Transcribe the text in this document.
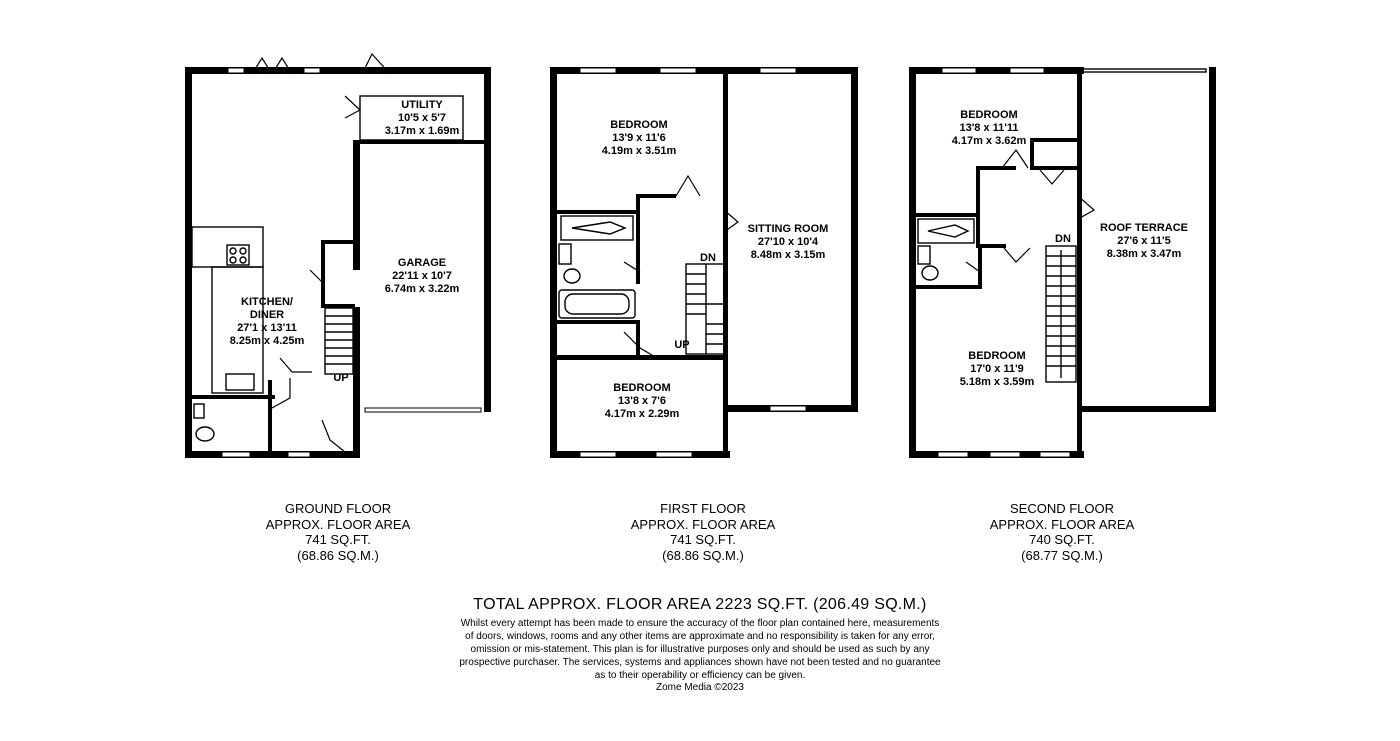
UTILITY
10'5 x 5'7
3.17m x 1.69m
GARAGE
22'11 x 10'7
6.74m x 3.22m
KITCHEN/
DINER
27'1 x 13'11
8.25m x 4.25m
UP
BEDROOM
13'9 x 11'6
4.19m x 3.51m
SITTING ROOM
27'10 x 10'4
8.48m x 3.15m
BEDROOM
13'8 x 7'6
4.17m x 2.29m
DN
UP
BEDROOM
13'8 x 11'11
4.17m x 3.62m
ROOF TERRACE
27'6 x 11'5
8.38m x 3.47m
BEDROOM
17'0 x 11'9
5.18m x 3.59m
DN
GROUND FLOOR
APPROX. FLOOR AREA
741 SQ.FT.
(68.86 SQ.M.)
FIRST FLOOR
APPROX. FLOOR AREA
741 SQ.FT.
(68.86 SQ.M.)
SECOND FLOOR
APPROX. FLOOR AREA
740 SQ.FT.
(68.77 SQ.M.)
TOTAL APPROX. FLOOR AREA 2223 SQ.FT. (206.49 SQ.M.)
Whilst every attempt has been made to ensure the accuracy of the floor plan contained here, measurements
of doors, windows, rooms and any other items are approximate and no responsibility is taken for any error,
omission or mis-statement. This plan is for illustrative purposes only and should be used as such by any
prospective purchaser. The services, systems and appliances shown have not been tested and no guarantee
as to their operability or efficiency can be given.
Zome Media ©2023
